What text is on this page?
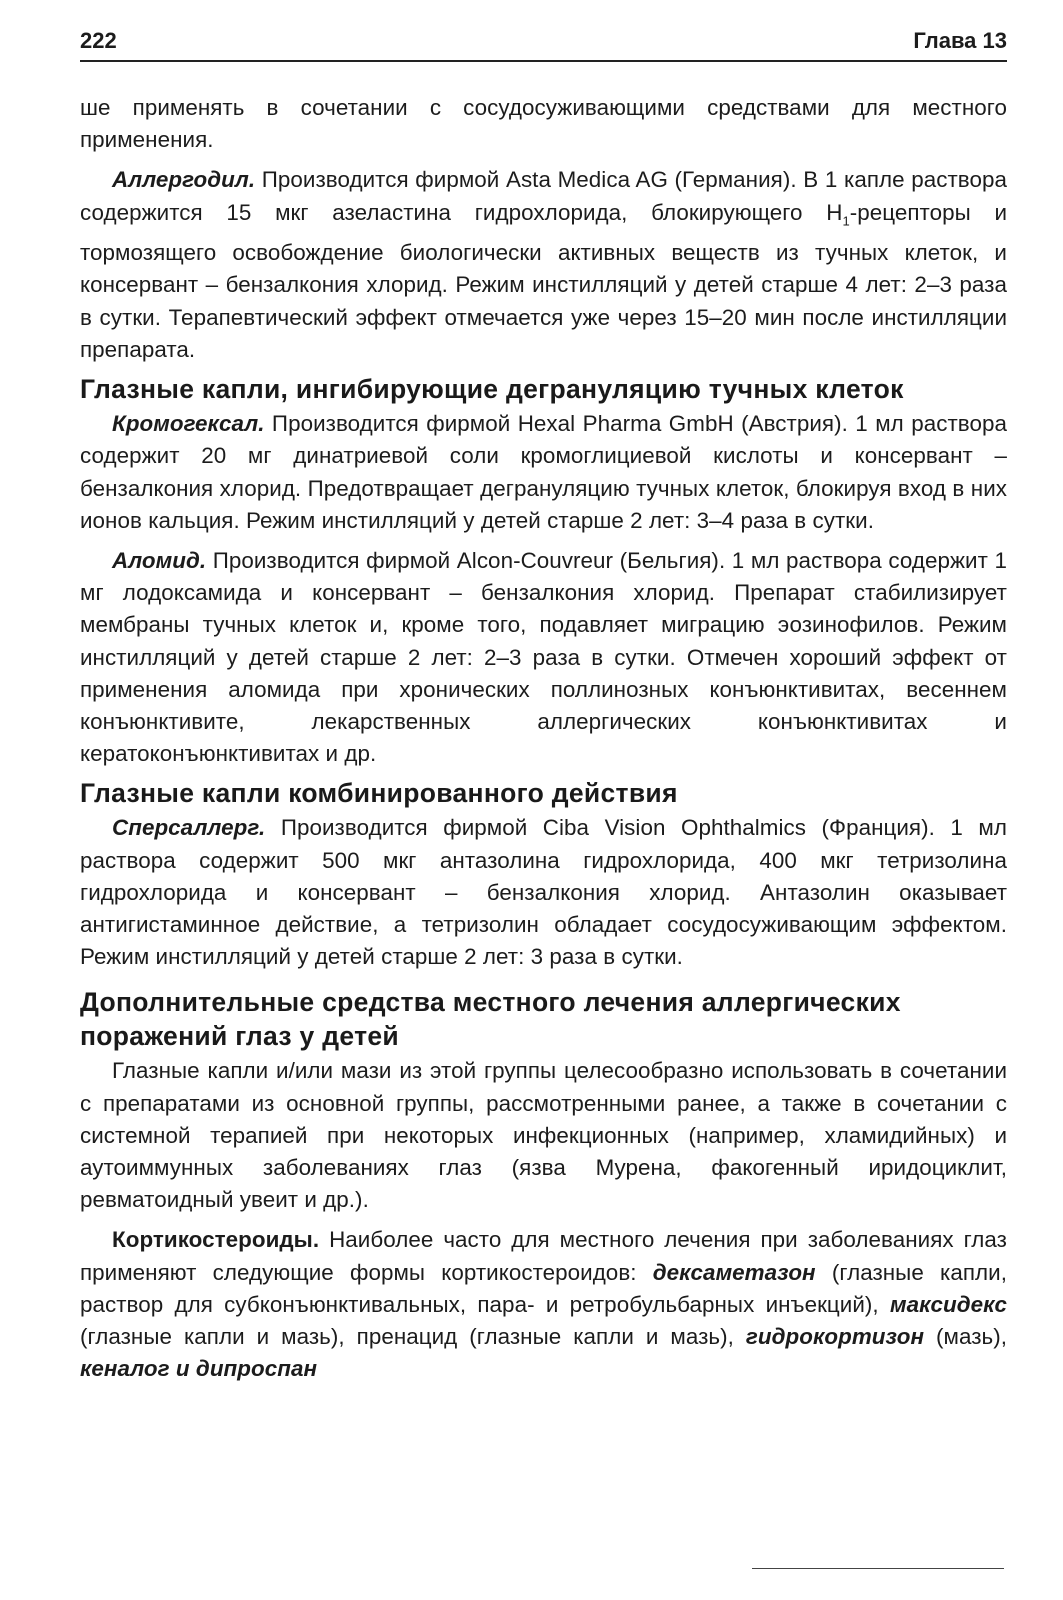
222	Глава 13

ше применять в сочетании с сосудосуживающими средствами для местного применения.

Аллергодил. Производится фирмой Asta Medica AG (Германия). В 1 капле раствора содержится 15 мкг азеластина гидрохлорида, блокирующего $H_1$-рецепторы и тормозящего освобождение биологически активных веществ из тучных клеток, и консервант – бензалкония хлорид. Режим инстилляций у детей старше 4 лет: 2–3 раза в сутки. Терапевтический эффект отмечается уже через 15–20 мин после инстилляции препарата.

Глазные капли, ингибирующие дегрануляцию тучных клеток

Кромогексал. Производится фирмой Hexal Pharma GmbH (Австрия). 1 мл раствора содержит 20 мг динатриевой соли кромоглициевой кислоты и консервант – бензалкония хлорид. Предотвращает дегрануляцию тучных клеток, блокируя вход в них ионов кальция. Режим инстилляций у детей старше 2 лет: 3–4 раза в сутки.

Аломид. Производится фирмой Alcon-Couvreur (Бельгия). 1 мл раствора содержит 1 мг лодоксамида и консервант – бензалкония хлорид. Препарат стабилизирует мембраны тучных клеток и, кроме того, подавляет миграцию эозинофилов. Режим инстилляций у детей старше 2 лет: 2–3 раза в сутки. Отмечен хороший эффект от применения аломида при хронических поллинозных конъюнктивитах, весеннем конъюнктивите, лекарственных аллергических конъюнктивитах и кератоконъюнктивитах и др.

Глазные капли комбинированного действия

Сперсаллерг. Производится фирмой Ciba Vision Ophthalmics (Франция). 1 мл раствора содержит 500 мкг антазолина гидрохлорида, 400 мкг тетризолина гидрохлорида и консервант – бензалкония хлорид. Антазолин оказывает антигистаминное действие, а тетризолин обладает сосудосуживающим эффектом. Режим инстилляций у детей старше 2 лет: 3 раза в сутки.

Дополнительные средства местного лечения аллергических поражений глаз у детей

Глазные капли и/или мази из этой группы целесообразно использовать в сочетании с препаратами из основной группы, рассмотренными ранее, а также в сочетании с системной терапией при некоторых инфекционных (например, хламидийных) и аутоиммунных заболеваниях глаз (язва Мурена, факогенный иридоциклит, ревматоидный увеит и др.).

Кортикостероиды. Наиболее часто для местного лечения при заболеваниях глаз применяют следующие формы кортикостероидов: дексаметазон (глазные капли, раствор для субконъюнктивальных, пара- и ретробульбарных инъекций), максидекс (глазные капли и мазь), пренацид (глазные капли и мазь), гидрокортизон (мазь), кеналог и дипроспан
